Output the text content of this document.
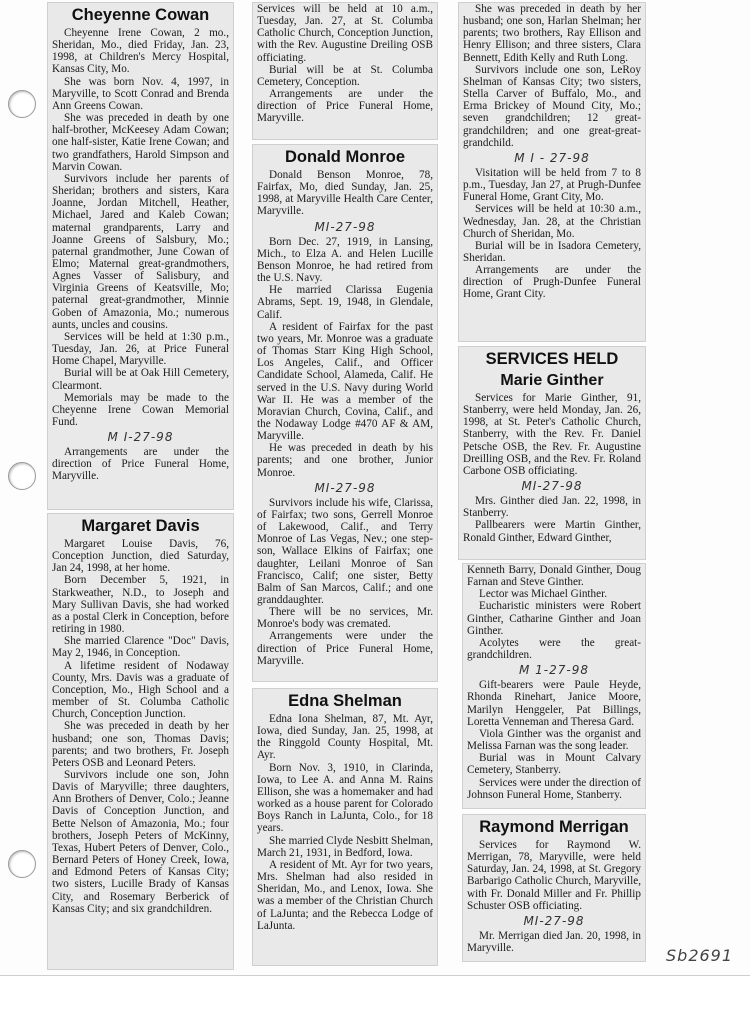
Cheyenne Cowan

Cheyenne Irene Cowan, 2 mo., Sheridan, Mo., died Friday, Jan. 23, 1998, at Children's Mercy Hospital, Kansas City, Mo.

She was born Nov. 4, 1997, in Maryville, to Scott Conrad and Brenda Ann Greens Cowan.

She was preceded in death by one half-brother, McKeesey Adam Cowan; one half-sister, Katie Irene Cowan; and two grandfathers, Harold Simpson and Marvin Cowan.

Survivors include her parents of Sheridan; brothers and sisters, Kara Joanne, Jordan Mitchell, Heather, Michael, Jared and Kaleb Cowan; maternal grandparents, Larry and Joanne Greens of Salsbury, Mo.; paternal grandmother, June Cowan of Elmo; Maternal great-grandmothers, Agnes Vasser of Salisbury, and Virginia Greens of Keatsville, Mo; paternal great-grandmother, Minnie Goben of Amazonia, Mo.; numerous aunts, uncles and cousins.

Services will be held at 1:30 p.m., Tuesday, Jan. 26, at Price Funeral Home Chapel, Maryville.

Burial will be at Oak Hill Cemetery, Clearmont.

Memorials may be made to the Cheyenne Irene Cowan Memorial Fund.

M I-27-98

Arrangements are under the direction of Price Funeral Home, Maryville.

Margaret Davis

Margaret Louise Davis, 76, Conception Junction, died Saturday, Jan 24, 1998, at her home.

Born December 5, 1921, in Starkweather, N.D., to Joseph and Mary Sullivan Davis, she had worked as a postal Clerk in Conception, before retiring in 1980.

She married Clarence "Doc" Davis, May 2, 1946, in Conception.

A lifetime resident of Nodaway County, Mrs. Davis was a graduate of Conception, Mo., High School and a member of St. Columba Catholic Church, Conception Junction.

She was preceded in death by her husband; one son, Thomas Davis; parents; and two brothers, Fr. Joseph Peters OSB and Leonard Peters.

Survivors include one son, John Davis of Maryville; three daughters, Ann Brothers of Denver, Colo.; Jeanne Davis of Conception Junction, and Bette Nelson of Amazonia, Mo.; four brothers, Joseph Peters of McKinny, Texas, Hubert Peters of Denver, Colo., Bernard Peters of Honey Creek, Iowa, and Edmond Peters of Kansas City; two sisters, Lucille Brady of Kansas City, and Rosemary Berberick of Kansas City; and six grandchildren.

Services will be held at 10 a.m., Tuesday, Jan. 27, at St. Columba Catholic Church, Conception Junction, with the Rev. Augustine Dreiling OSB officiating.

Burial will be at St. Columba Cemetery, Conception.

Arrangements are under the direction of Price Funeral Home, Maryville.

Donald Monroe

Donald Benson Monroe, 78, Fairfax, Mo, died Sunday, Jan. 25, 1998, at Maryville Health Care Center, Maryville.

MI-27-98

Born Dec. 27, 1919, in Lansing, Mich., to Elza A. and Helen Lucille Benson Monroe, he had retired from the U.S. Navy.

He married Clarissa Eugenia Abrams, Sept. 19, 1948, in Glendale, Calif.

A resident of Fairfax for the past two years, Mr. Monroe was a graduate of Thomas Starr King High School, Los Angeles, Calif., and Officer Candidate School, Alameda, Calif. He served in the U.S. Navy during World War II. He was a member of the Moravian Church, Covina, Calif., and the Nodaway Lodge #470 AF & AM, Maryville.

He was preceded in death by his parents; and one brother, Junior Monroe.

MI-27-98

Survivors include his wife, Clarissa, of Fairfax; two sons, Gerrell Monroe of Lakewood, Calif., and Terry Monroe of Las Vegas, Nev.; one step-son, Wallace Elkins of Fairfax; one daughter, Leilani Monroe of San Francisco, Calif; one sister, Betty Balm of San Marcos, Calif.; and one granddaughter.

There will be no services, Mr. Monroe's body was cremated.

Arrangements were under the direction of Price Funeral Home, Maryville.

Edna Shelman

Edna Iona Shelman, 87, Mt. Ayr, Iowa, died Sunday, Jan. 25, 1998, at the Ringgold County Hospital, Mt. Ayr.

Born Nov. 3, 1910, in Clarinda, Iowa, to Lee A. and Anna M. Rains Ellison, she was a homemaker and had worked as a house parent for Colorado Boys Ranch in LaJunta, Colo., for 18 years.

She married Clyde Nesbitt Shelman, March 21, 1931, in Bedford, Iowa.

A resident of Mt. Ayr for two years, Mrs. Shelman had also resided in Sheridan, Mo., and Lenox, Iowa. She was a member of the Christian Church of LaJunta; and the Rebecca Lodge of LaJunta.

She was preceded in death by her husband; one son, Harlan Shelman; her parents; two brothers, Ray Ellison and Henry Ellison; and three sisters, Clara Bennett, Edith Kelly and Ruth Long.

Survivors include one son, LeRoy Shelman of Kansas City; two sisters, Stella Carver of Buffalo, Mo., and Erma Brickey of Mound City, Mo.; seven grandchildren; 12 great-grandchildren; and one great-great-grandchild.

M I - 27-98

Visitation will be held from 7 to 8 p.m., Tuesday, Jan 27, at Prugh-Dunfee Funeral Home, Grant City, Mo.

Services will be held at 10:30 a.m., Wednesday, Jan. 28, at the Christian Church of Sheridan, Mo.

Burial will be in Isadora Cemetery, Sheridan.

Arrangements are under the direction of Prugh-Dunfee Funeral Home, Grant City.

SERVICES HELD
Marie Ginther

Services for Marie Ginther, 91, Stanberry, were held Monday, Jan. 26, 1998, at St. Peter's Catholic Church, Stanberry, with the Rev. Fr. Daniel Petsche OSB, the Rev. Fr. Augustine Dreilling OSB, and the Rev. Fr. Roland Carbone OSB officiating.

MI-27-98

Mrs. Ginther died Jan. 22, 1998, in Stanberry.

Pallbearers were Martin Ginther, Ronald Ginther, Edward Ginther,

Kenneth Barry, Donald Ginther, Doug Farnan and Steve Ginther.

Lector was Michael Ginther.

Eucharistic ministers were Robert Ginther, Catharine Ginther and Joan Ginther.

Acolytes were the great-grandchildren.

M 1-27-98

Gift-bearers were Paule Heyde, Rhonda Rinehart, Janice Moore, Marilyn Henggeler, Pat Billings, Loretta Venneman and Theresa Gard.

Viola Ginther was the organist and Melissa Farnan was the song leader.

Burial was in Mount Calvary Cemetery, Stanberry.

Services were under the direction of Johnson Funeral Home, Stanberry.

Raymond Merrigan

Services for Raymond W. Merrigan, 78, Maryville, were held Saturday, Jan. 24, 1998, at St. Gregory Barbarigo Catholic Church, Maryville, with Fr. Donald Miller and Fr. Phillip Schuster OSB officiating.

MI-27-98

Mr. Merrigan died Jan. 20, 1998, in Maryville.	Sb2691
